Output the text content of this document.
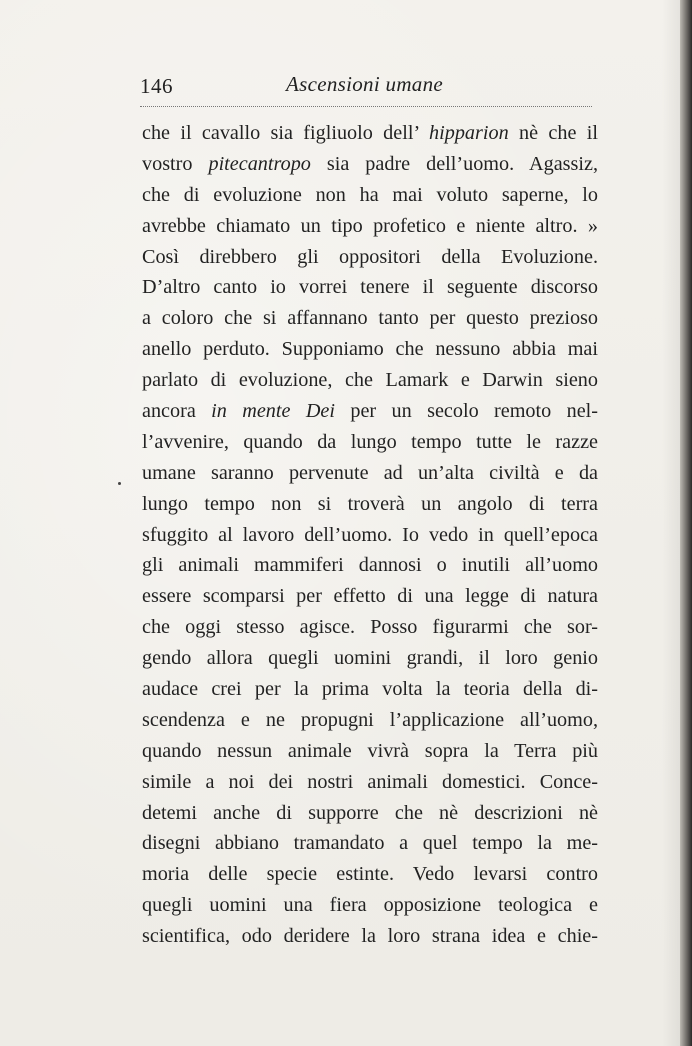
146	Ascensioni umane
che il cavallo sia figliuolo dell’ hipparion nè che il
vostro pitecantropo sia padre dell’uomo. Agassiz,
che di evoluzione non ha mai voluto saperne, lo
avrebbe chiamato un tipo profetico e niente altro. »
Così direbbero gli oppositori della Evoluzione.
D’altro canto io vorrei tenere il seguente discorso
a coloro che si affannano tanto per questo prezioso
anello perduto. Supponiamo che nessuno abbia mai
parlato di evoluzione, che Lamark e Darwin sieno
ancora in mente Dei per un secolo remoto nel-
l’avvenire, quando da lungo tempo tutte le razze
umane saranno pervenute ad un’alta civiltà e da
lungo tempo non si troverà un angolo di terra
sfuggito al lavoro dell’uomo. Io vedo in quell’epoca
gli animali mammiferi dannosi o inutili all’uomo
essere scomparsi per effetto di una legge di natura
che oggi stesso agisce. Posso figurarmi che sor-
gendo allora quegli uomini grandi, il loro genio
audace crei per la prima volta la teoria della di-
scendenza e ne propugni l’applicazione all’uomo,
quando nessun animale vivrà sopra la Terra più
simile a noi dei nostri animali domestici. Conce-
detemi anche di supporre che nè descrizioni nè
disegni abbiano tramandato a quel tempo la me-
moria delle specie estinte. Vedo levarsi contro
quegli uomini una fiera opposizione teologica e
scientifica, odo deridere la loro strana idea e chie-
